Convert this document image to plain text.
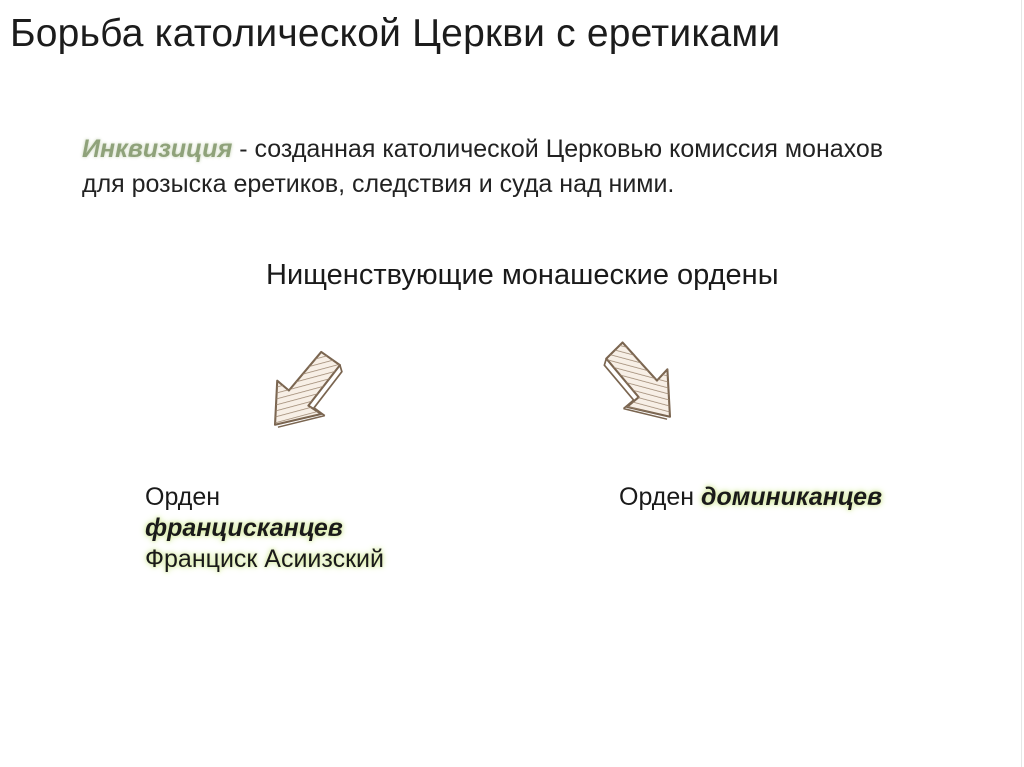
Борьба католической Церкви с еретиками
Инквизиция - созданная католической Церковью комиссия монахов для розыска еретиков, следствия и суда над ними.
Нищенствующие монашеские ордены
Орден
францисканцев
Франциск Асиизский
Орден доминиканцев
